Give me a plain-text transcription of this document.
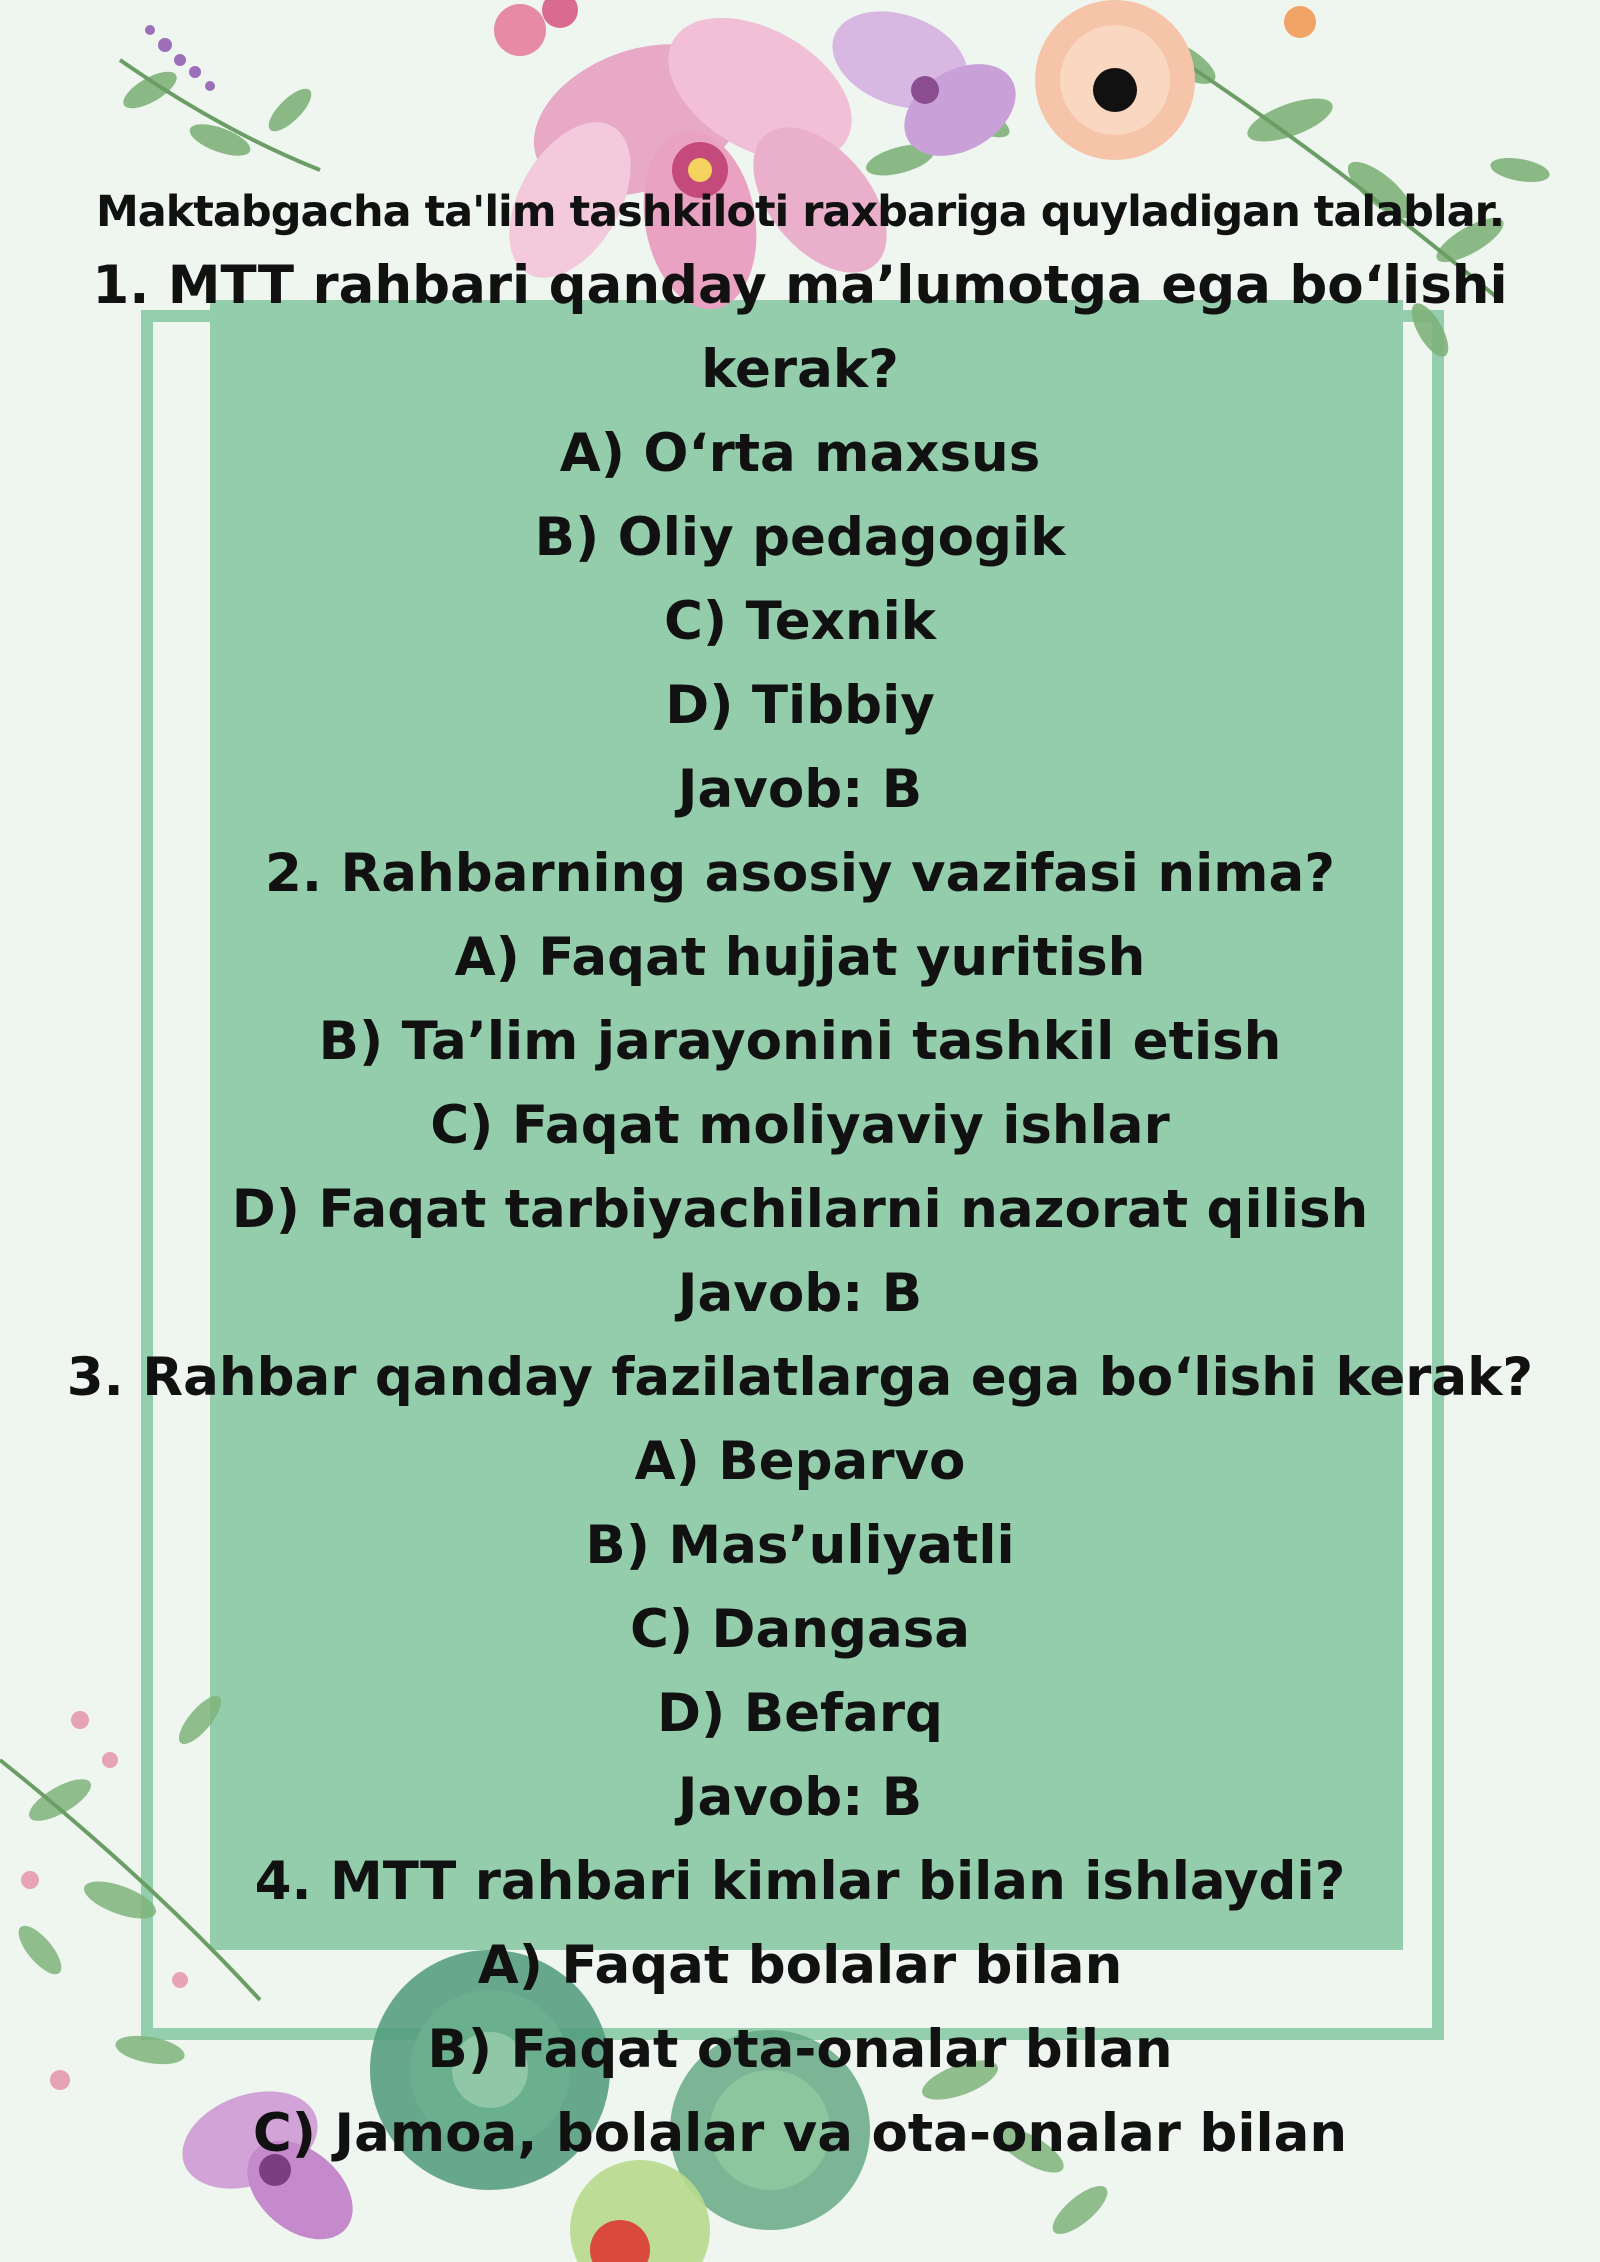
Maktabgacha ta'lim tashkiloti raxbariga quyladigan talablar.

1. MTT rahbari qanday ma’lumotga ega bo‘lishi kerak?

A) O‘rta maxsus

B) Oliy pedagogik

C) Texnik

D) Tibbiy

Javob: B

2. Rahbarning asosiy vazifasi nima?

A) Faqat hujjat yuritish

B) Ta’lim jarayonini tashkil etish

C) Faqat moliyaviy ishlar

D) Faqat tarbiyachilarni nazorat qilish

Javob: B

3. Rahbar qanday fazilatlarga ega bo‘lishi kerak?

A) Beparvo

B) Mas’uliyatli

C) Dangasa

D) Befarq

Javob: B

4. MTT rahbari kimlar bilan ishlaydi?

A) Faqat bolalar bilan

B) Faqat ota-onalar bilan

C) Jamoa, bolalar va ota-onalar bilan
